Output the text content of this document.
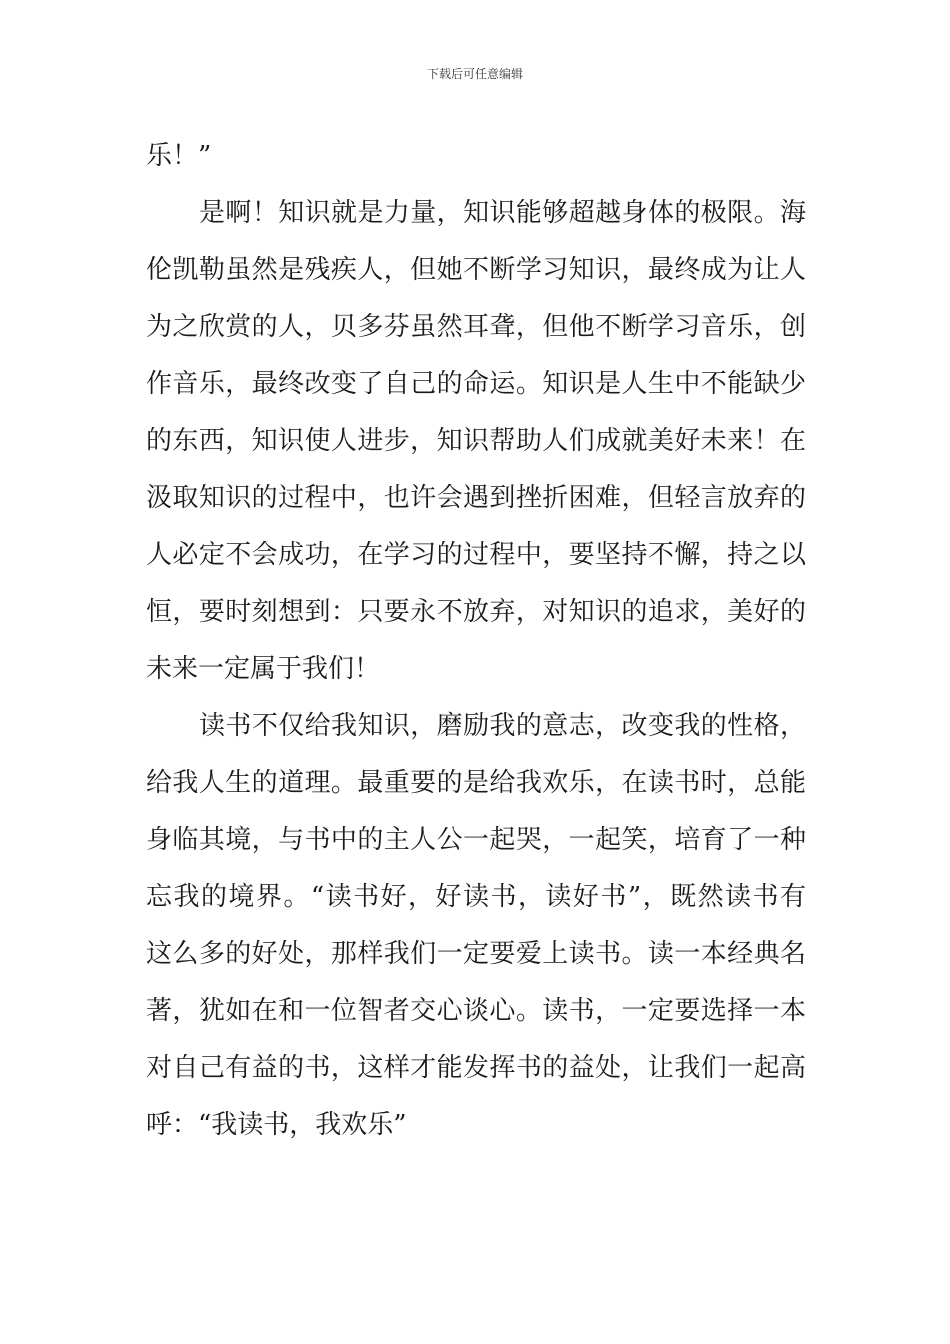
下载后可任意编辑
乐！”
是啊！知识就是力量，知识能够超越身体的极限。海
伦凯勒虽然是残疾人，但她不断学习知识，最终成为让人
为之欣赏的人，贝多芬虽然耳聋，但他不断学习音乐，创
作音乐，最终改变了自己的命运。知识是人生中不能缺少
的东西，知识使人进步，知识帮助人们成就美好未来！在
汲取知识的过程中，也许会遇到挫折困难，但轻言放弃的
人必定不会成功，在学习的过程中，要坚持不懈，持之以
恒，要时刻想到：只要永不放弃，对知识的追求，美好的
未来一定属于我们！
读书不仅给我知识，磨励我的意志，改变我的性格，
给我人生的道理。最重要的是给我欢乐，在读书时，总能
身临其境，与书中的主人公一起哭，一起笑，培育了一种
忘我的境界。“读书好，好读书，读好书”，既然读书有
这么多的好处，那样我们一定要爱上读书。读一本经典名
著，犹如在和一位智者交心谈心。读书，一定要选择一本
对自己有益的书，这样才能发挥书的益处，让我们一起高
呼：“我读书，我欢乐”
